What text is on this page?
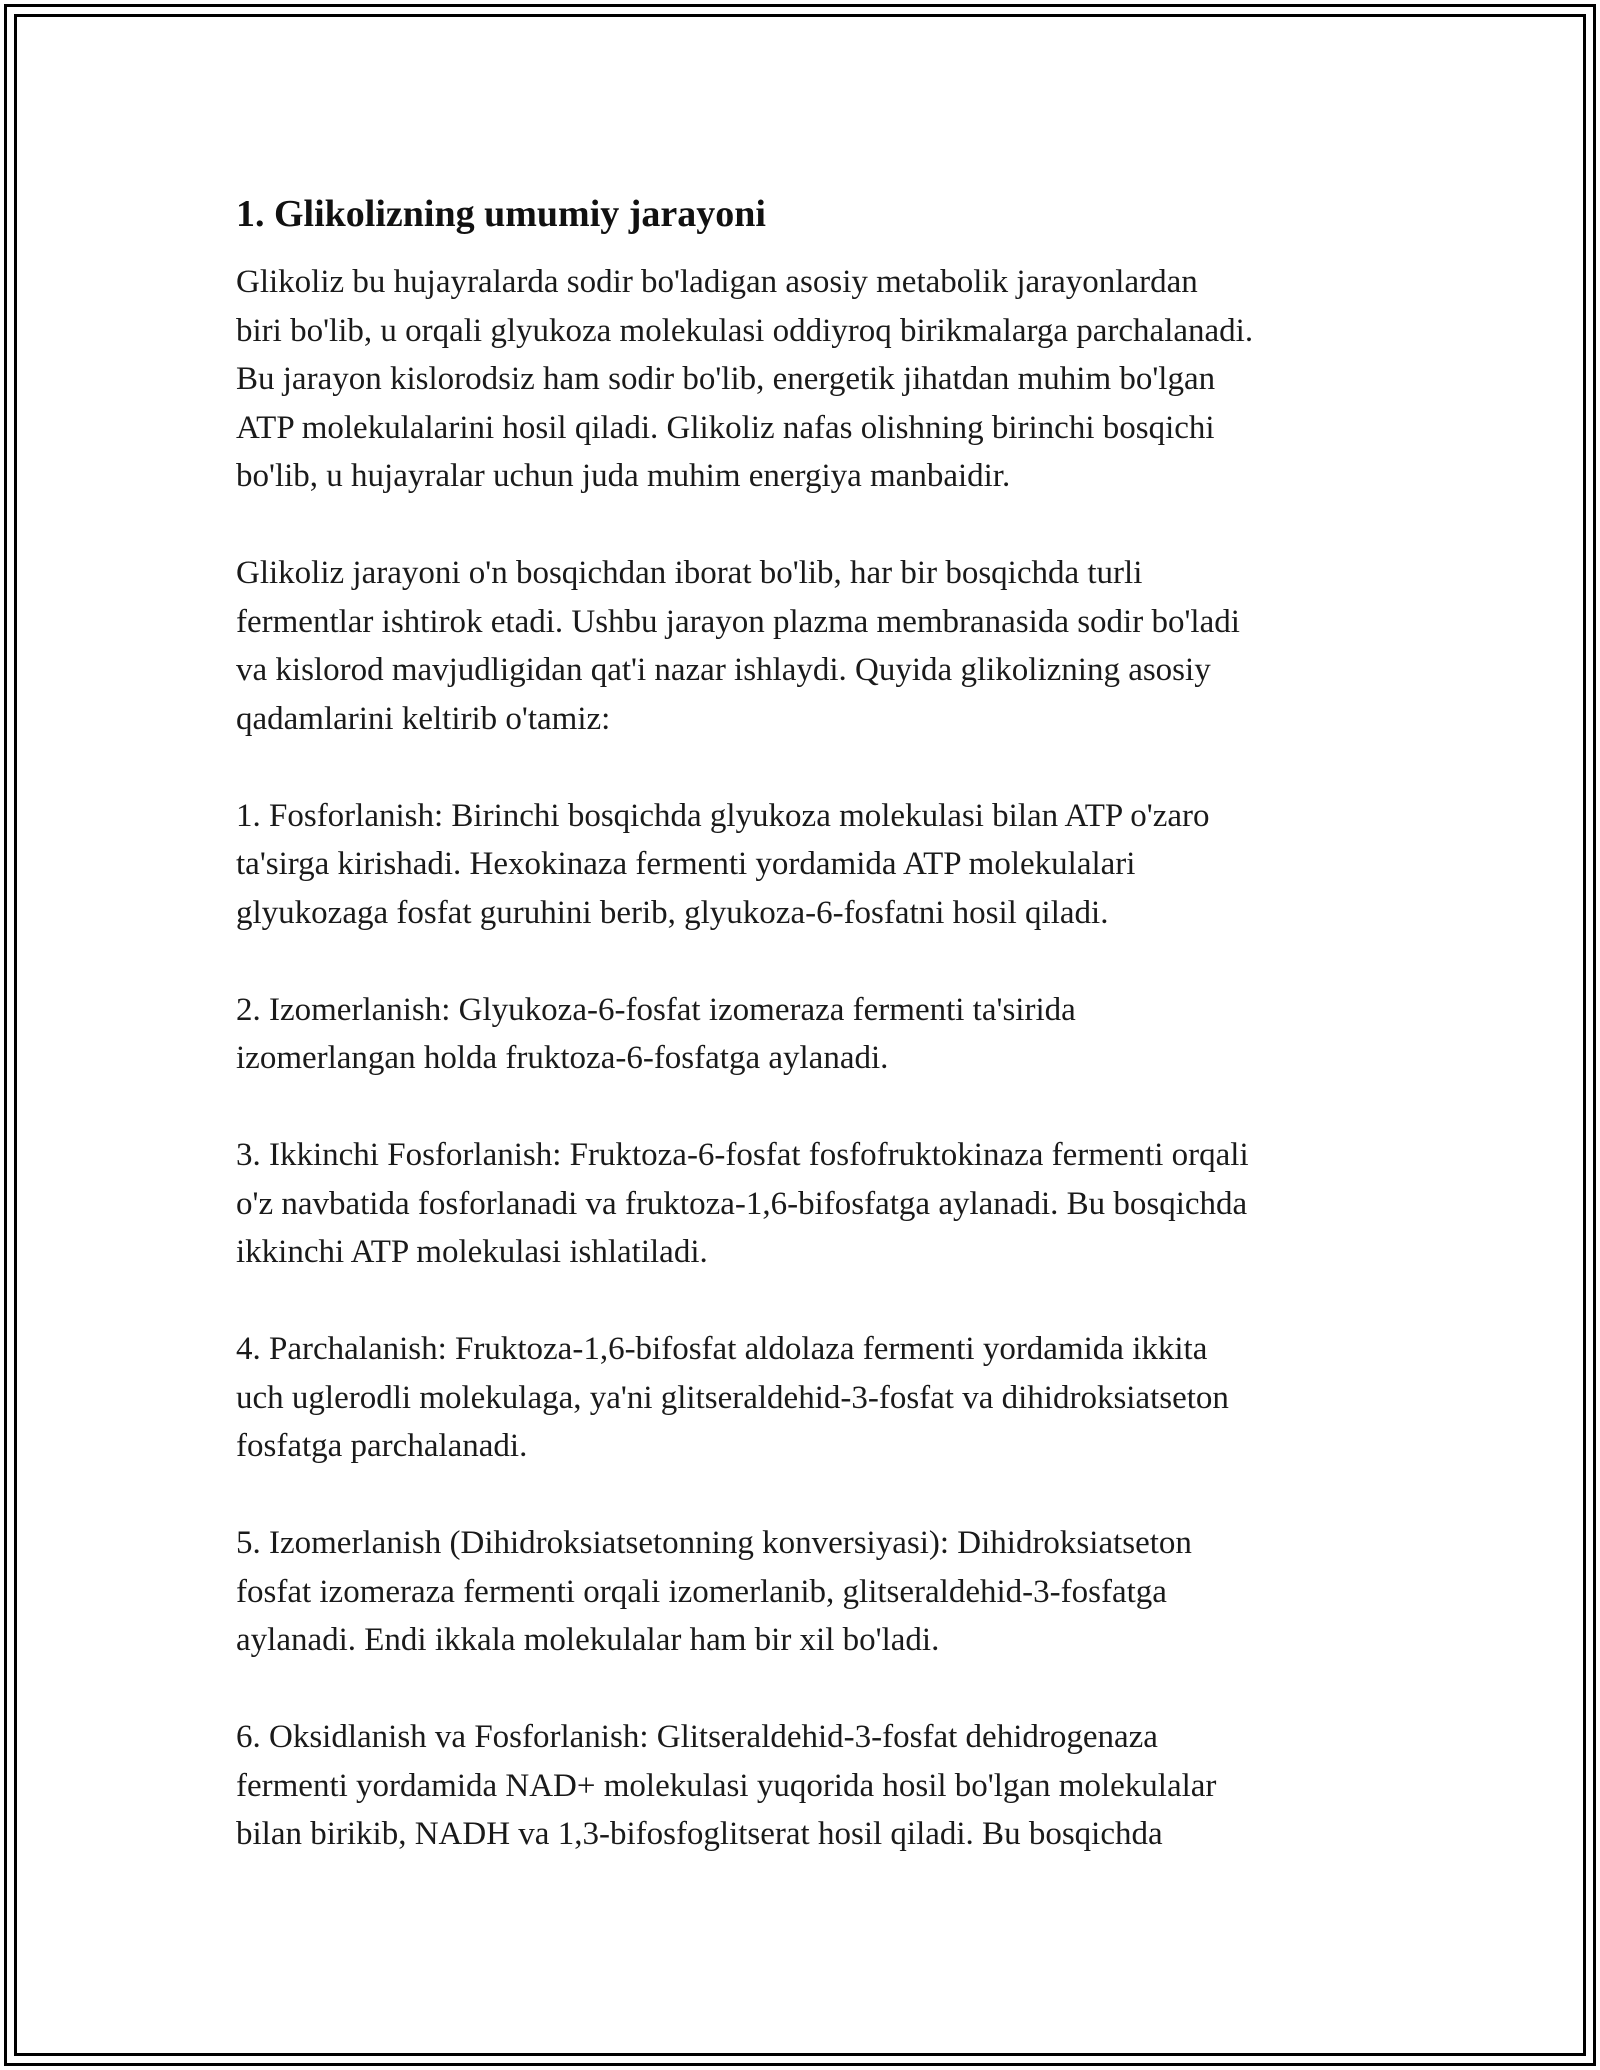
1. Glikolizning umumiy jarayoni

Glikoliz bu hujayralarda sodir bo'ladigan asosiy metabolik jarayonlardan
biri bo'lib, u orqali glyukoza molekulasi oddiyroq birikmalarga parchalanadi.
Bu jarayon kislorodsiz ham sodir bo'lib, energetik jihatdan muhim bo'lgan
ATP molekulalarini hosil qiladi. Glikoliz nafas olishning birinchi bosqichi
bo'lib, u hujayralar uchun juda muhim energiya manbaidir.

Glikoliz jarayoni o'n bosqichdan iborat bo'lib, har bir bosqichda turli
fermentlar ishtirok etadi. Ushbu jarayon plazma membranasida sodir bo'ladi
va kislorod mavjudligidan qat'i nazar ishlaydi. Quyida glikolizning asosiy
qadamlarini keltirib o'tamiz:

1. Fosforlanish: Birinchi bosqichda glyukoza molekulasi bilan ATP o'zaro
ta'sirga kirishadi. Hexokinaza fermenti yordamida ATP molekulalari
glyukozaga fosfat guruhini berib, glyukoza-6-fosfatni hosil qiladi.

2. Izomerlanish: Glyukoza-6-fosfat izomeraza fermenti ta'sirida
izomerlangan holda fruktoza-6-fosfatga aylanadi.

3. Ikkinchi Fosforlanish: Fruktoza-6-fosfat fosfofruktokinaza fermenti orqali
o'z navbatida fosforlanadi va fruktoza-1,6-bifosfatga aylanadi. Bu bosqichda
ikkinchi ATP molekulasi ishlatiladi.

4. Parchalanish: Fruktoza-1,6-bifosfat aldolaza fermenti yordamida ikkita
uch uglerodli molekulaga, ya'ni glitseraldehid-3-fosfat va dihidroksiatseton
fosfatga parchalanadi.

5. Izomerlanish (Dihidroksiatsetonning konversiyasi): Dihidroksiatseton
fosfat izomeraza fermenti orqali izomerlanib, glitseraldehid-3-fosfatga
aylanadi. Endi ikkala molekulalar ham bir xil bo'ladi.

6. Oksidlanish va Fosforlanish: Glitseraldehid-3-fosfat dehidrogenaza
fermenti yordamida NAD+ molekulasi yuqorida hosil bo'lgan molekulalar
bilan birikib, NADH va 1,3-bifosfoglitserat hosil qiladi. Bu bosqichda
